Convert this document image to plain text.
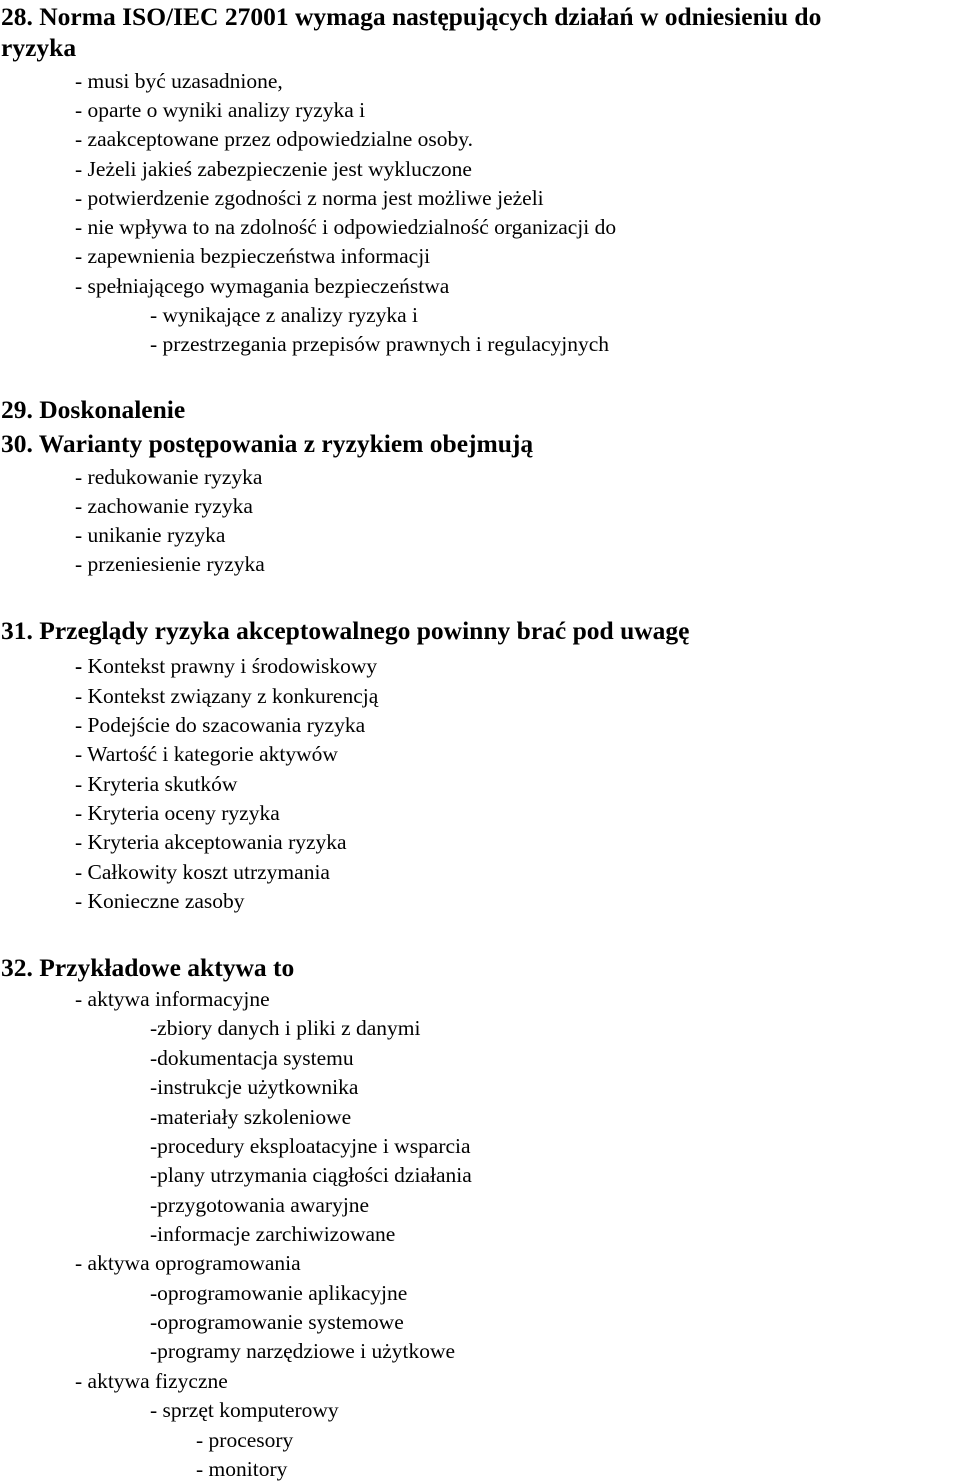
28. Norma ISO/IEC 27001 wymaga następujących działań w odniesieniu do
ryzyka
- musi być uzasadnione,
- oparte o wyniki analizy ryzyka i
- zaakceptowane przez odpowiedzialne osoby.
- Jeżeli jakieś zabezpieczenie jest wykluczone
- potwierdzenie zgodności z norma jest możliwe jeżeli
- nie wpływa to na zdolność i odpowiedzialność organizacji do
- zapewnienia bezpieczeństwa informacji
- spełniającego wymagania bezpieczeństwa
- wynikające z analizy ryzyka i
- przestrzegania przepisów prawnych i regulacyjnych
29. Doskonalenie
30. Warianty postępowania z ryzykiem obejmują
- redukowanie ryzyka
- zachowanie ryzyka
- unikanie ryzyka
- przeniesienie ryzyka
31. Przeglądy ryzyka akceptowalnego powinny brać pod uwagę
- Kontekst prawny i środowiskowy
- Kontekst związany z konkurencją
- Podejście do szacowania ryzyka
- Wartość i kategorie aktywów
- Kryteria skutków
- Kryteria oceny ryzyka
- Kryteria akceptowania ryzyka
- Całkowity koszt utrzymania
- Konieczne zasoby
32. Przykładowe aktywa to
- aktywa informacyjne
-zbiory danych i pliki z danymi
-dokumentacja systemu
-instrukcje użytkownika
-materiały szkoleniowe
-procedury eksploatacyjne i wsparcia
-plany utrzymania ciągłości działania
-przygotowania awaryjne
-informacje zarchiwizowane
- aktywa oprogramowania
-oprogramowanie aplikacyjne
-oprogramowanie systemowe
-programy narzędziowe i użytkowe
- aktywa fizyczne
- sprzęt komputerowy
- procesory
- monitory
